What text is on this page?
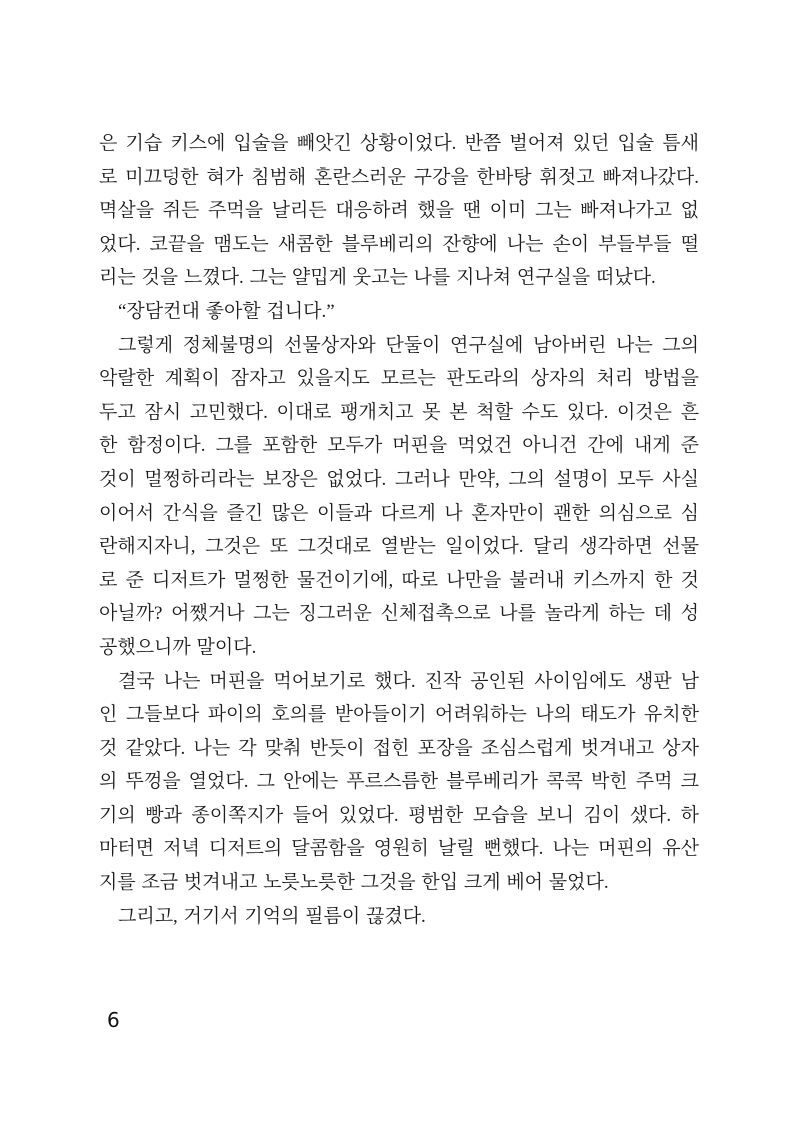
은 기습 키스에 입술을 빼앗긴 상황이었다. 반쯤 벌어져 있던 입술 틈새
로 미끄덩한 혀가 침범해 혼란스러운 구강을 한바탕 휘젓고 빠져나갔다.
멱살을 쥐든 주먹을 날리든 대응하려 했을 땐 이미 그는 빠져나가고 없
었다. 코끝을 맴도는 새콤한 블루베리의 잔향에 나는 손이 부들부들 떨
리는 것을 느꼈다. 그는 얄밉게 웃고는 나를 지나쳐 연구실을 떠났다.
“장담컨대 좋아할 겁니다.”
그렇게 정체불명의 선물상자와 단둘이 연구실에 남아버린 나는 그의
악랄한 계획이 잠자고 있을지도 모르는 판도라의 상자의 처리 방법을
두고 잠시 고민했다. 이대로 팽개치고 못 본 척할 수도 있다. 이것은 흔
한 함정이다. 그를 포함한 모두가 머핀을 먹었건 아니건 간에 내게 준
것이 멀쩡하리라는 보장은 없었다. 그러나 만약, 그의 설명이 모두 사실
이어서 간식을 즐긴 많은 이들과 다르게 나 혼자만이 괜한 의심으로 심
란해지자니, 그것은 또 그것대로 열받는 일이었다. 달리 생각하면 선물
로 준 디저트가 멀쩡한 물건이기에, 따로 나만을 불러내 키스까지 한 것
아닐까? 어쨌거나 그는 징그러운 신체접촉으로 나를 놀라게 하는 데 성
공했으니까 말이다.
결국 나는 머핀을 먹어보기로 했다. 진작 공인된 사이임에도 생판 남
인 그들보다 파이의 호의를 받아들이기 어려워하는 나의 태도가 유치한
것 같았다. 나는 각 맞춰 반듯이 접힌 포장을 조심스럽게 벗겨내고 상자
의 뚜껑을 열었다. 그 안에는 푸르스름한 블루베리가 콕콕 박힌 주먹 크
기의 빵과 종이쪽지가 들어 있었다. 평범한 모습을 보니 김이 샜다. 하
마터면 저녁 디저트의 달콤함을 영원히 날릴 뻔했다. 나는 머핀의 유산
지를 조금 벗겨내고 노릇노릇한 그것을 한입 크게 베어 물었다.
그리고, 거기서 기억의 필름이 끊겼다.
6
